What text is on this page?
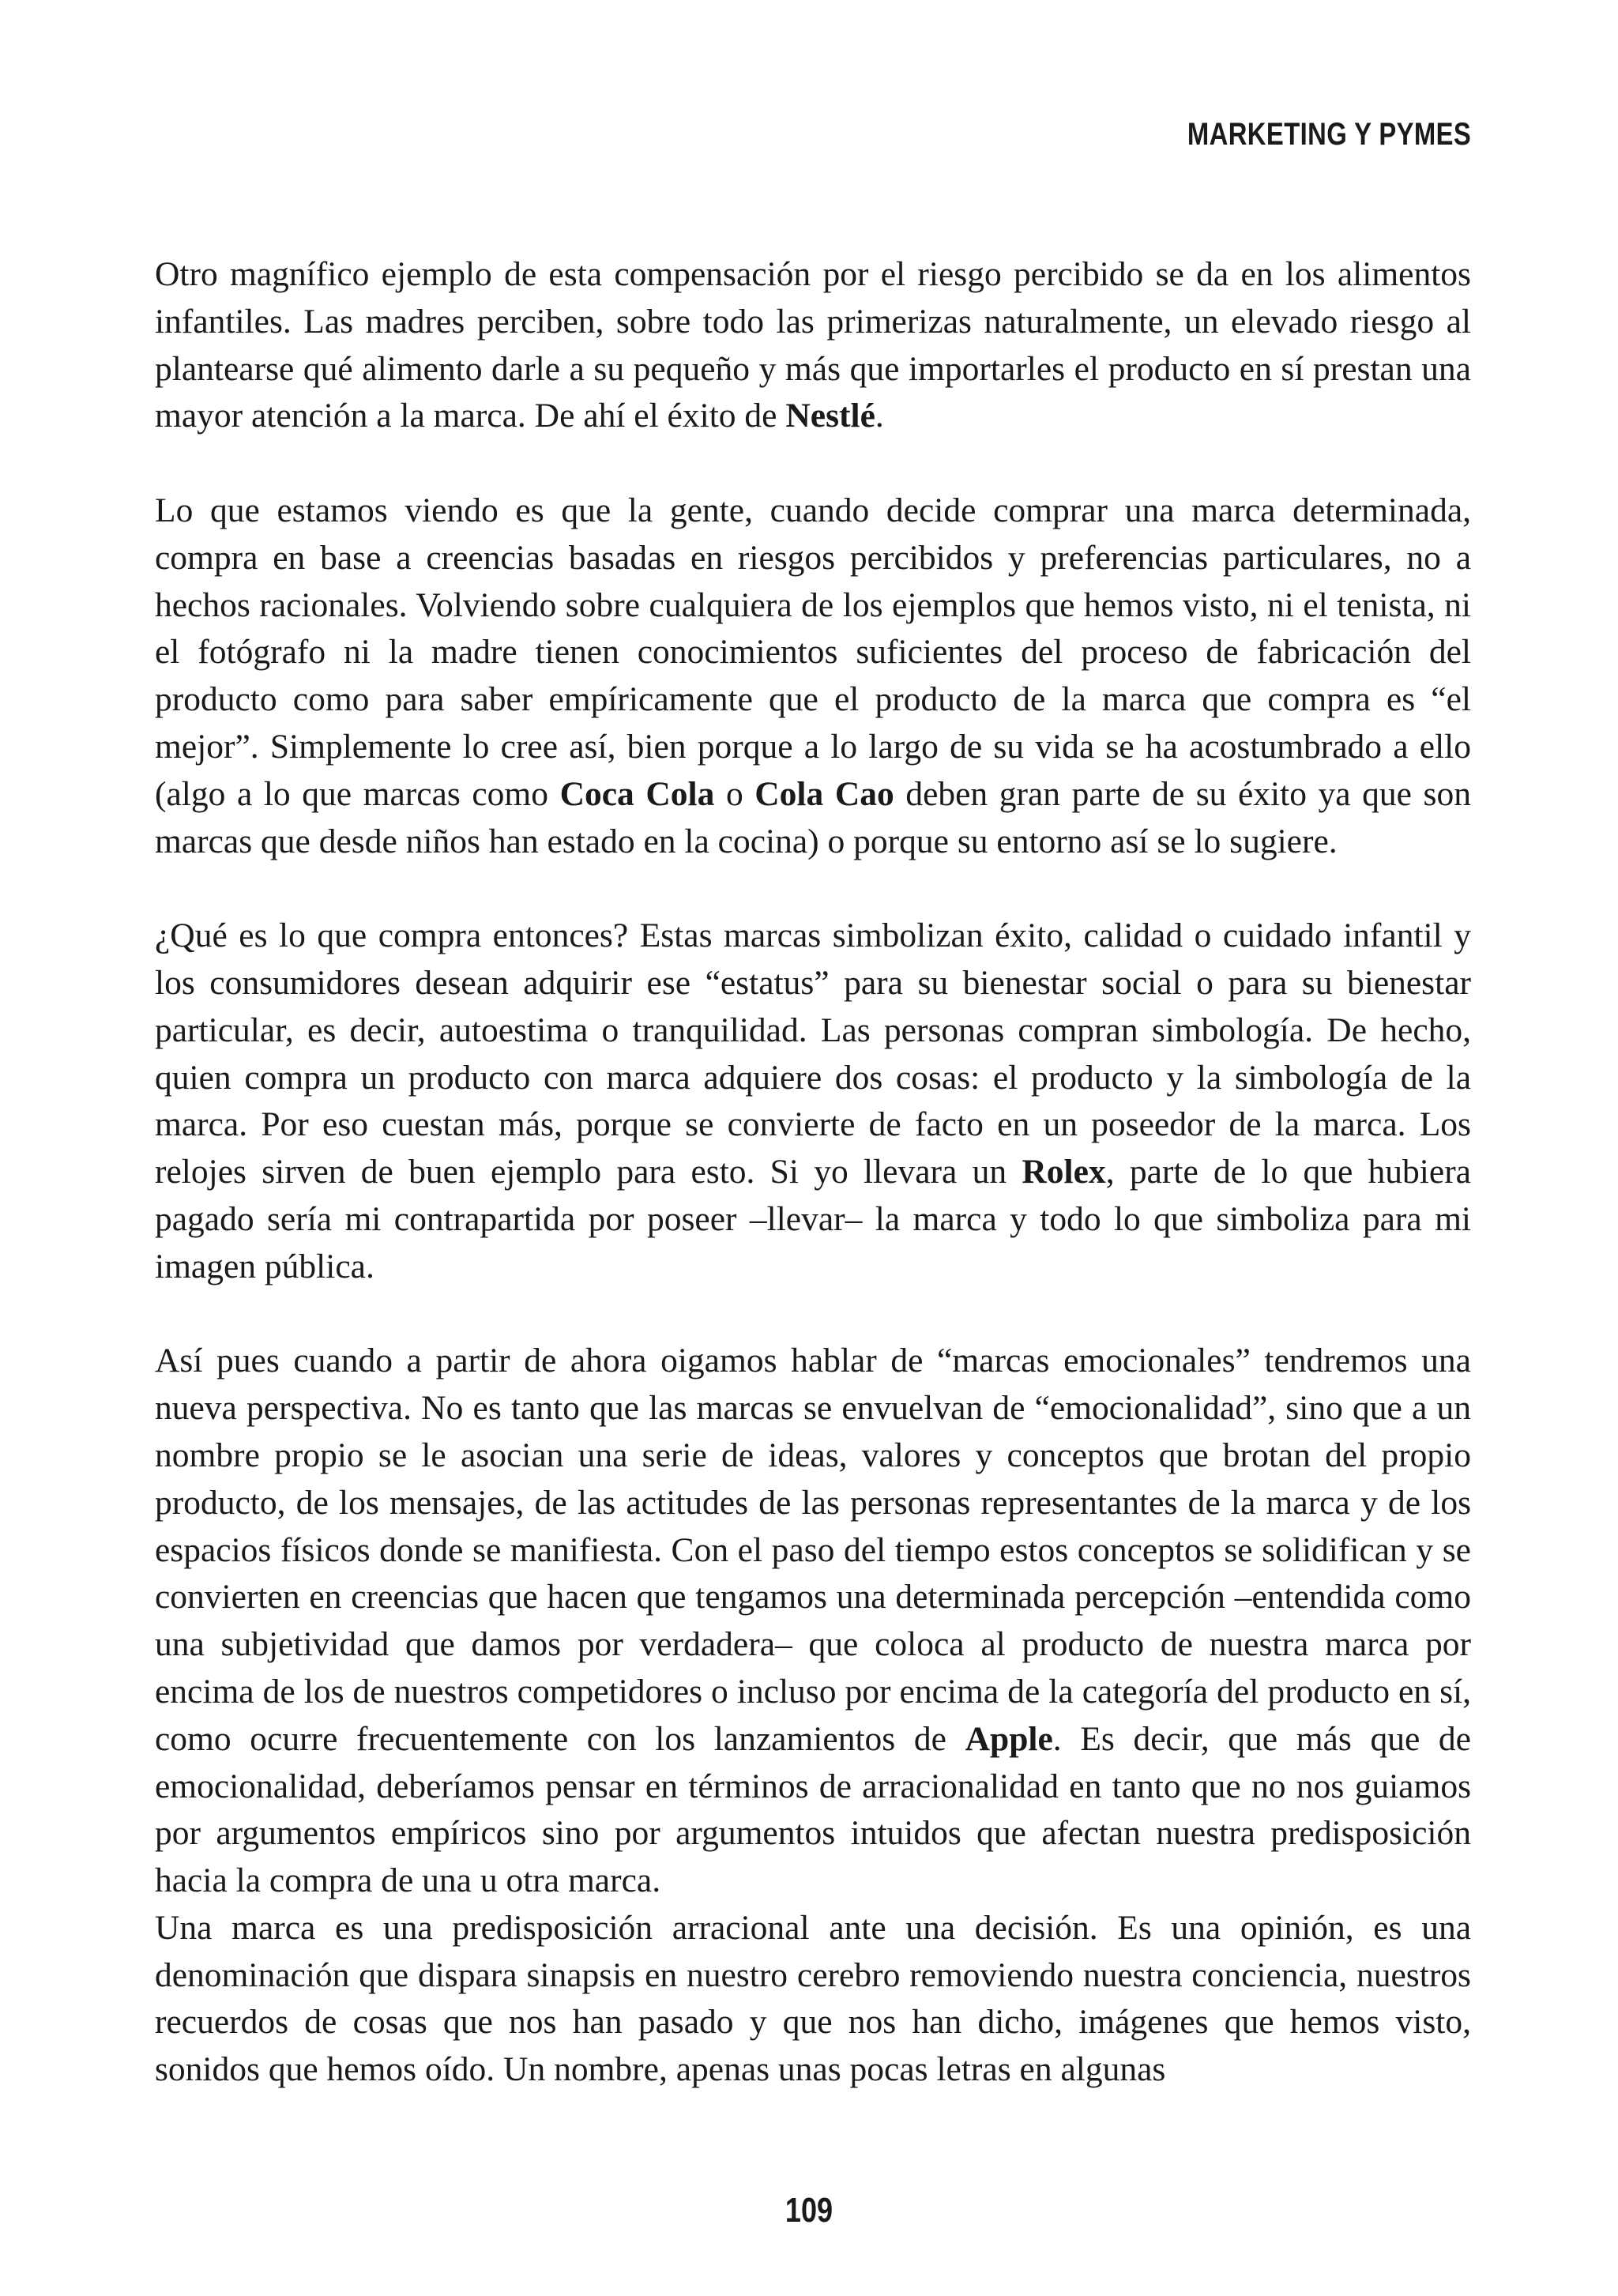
MARKETING Y PYMES

Otro magnífico ejemplo de esta compensación por el riesgo percibido se da en los alimentos infantiles. Las madres perciben, sobre todo las primerizas naturalmente, un elevado riesgo al plantearse qué alimento darle a su pequeño y más que importarles el producto en sí prestan una mayor atención a la marca. De ahí el éxito de Nestlé.

Lo que estamos viendo es que la gente, cuando decide comprar una marca determinada, compra en base a creencias basadas en riesgos percibidos y preferencias particulares, no a hechos racionales. Volviendo sobre cualquiera de los ejemplos que hemos visto, ni el tenista, ni el fotógrafo ni la madre tienen conocimientos suficientes del proceso de fabricación del producto como para saber empíricamente que el producto de la marca que compra es “el mejor”. Simplemente lo cree así, bien porque a lo largo de su vida se ha acostumbrado a ello (algo a lo que marcas como Coca Cola o Cola Cao deben gran parte de su éxito ya que son marcas que desde niños han estado en la cocina) o porque su entorno así se lo sugiere.

¿Qué es lo que compra entonces? Estas marcas simbolizan éxito, calidad o cuidado infantil y los consumidores desean adquirir ese “estatus” para su bienestar social o para su bienestar particular, es decir, autoestima o tranquilidad. Las personas compran simbología. De hecho, quien compra un producto con marca adquiere dos cosas: el producto y la simbología de la marca. Por eso cuestan más, porque se convierte de facto en un poseedor de la marca. Los relojes sirven de buen ejemplo para esto. Si yo llevara un Rolex, parte de lo que hubiera pagado sería mi contrapartida por poseer –llevar– la marca y todo lo que simboliza para mi imagen pública.

Así pues cuando a partir de ahora oigamos hablar de “marcas emocionales” tendremos una nueva perspectiva. No es tanto que las marcas se envuelvan de “emocionalidad”, sino que a un nombre propio se le asocian una serie de ideas, valores y conceptos que brotan del propio producto, de los mensajes, de las actitudes de las personas representantes de la marca y de los espacios físicos donde se manifiesta. Con el paso del tiempo estos conceptos se solidifican y se convierten en creencias que hacen que tengamos una determinada percepción –entendida como una subjetividad que damos por verdadera– que coloca al producto de nuestra marca por encima de los de nuestros competidores o incluso por encima de la categoría del producto en sí, como ocurre frecuentemente con los lanzamientos de Apple. Es decir, que más que de emocionalidad, deberíamos pensar en términos de arracionalidad en tanto que no nos guiamos por argumentos empíricos sino por argumentos intuidos que afectan nuestra predisposición hacia la compra de una u otra marca.

Una marca es una predisposición arracional ante una decisión. Es una opinión, es una denominación que dispara sinapsis en nuestro cerebro removiendo nuestra conciencia, nuestros recuerdos de cosas que nos han pasado y que nos han dicho, imágenes que hemos visto, sonidos que hemos oído. Un nombre, apenas unas pocas letras en algunas

109
